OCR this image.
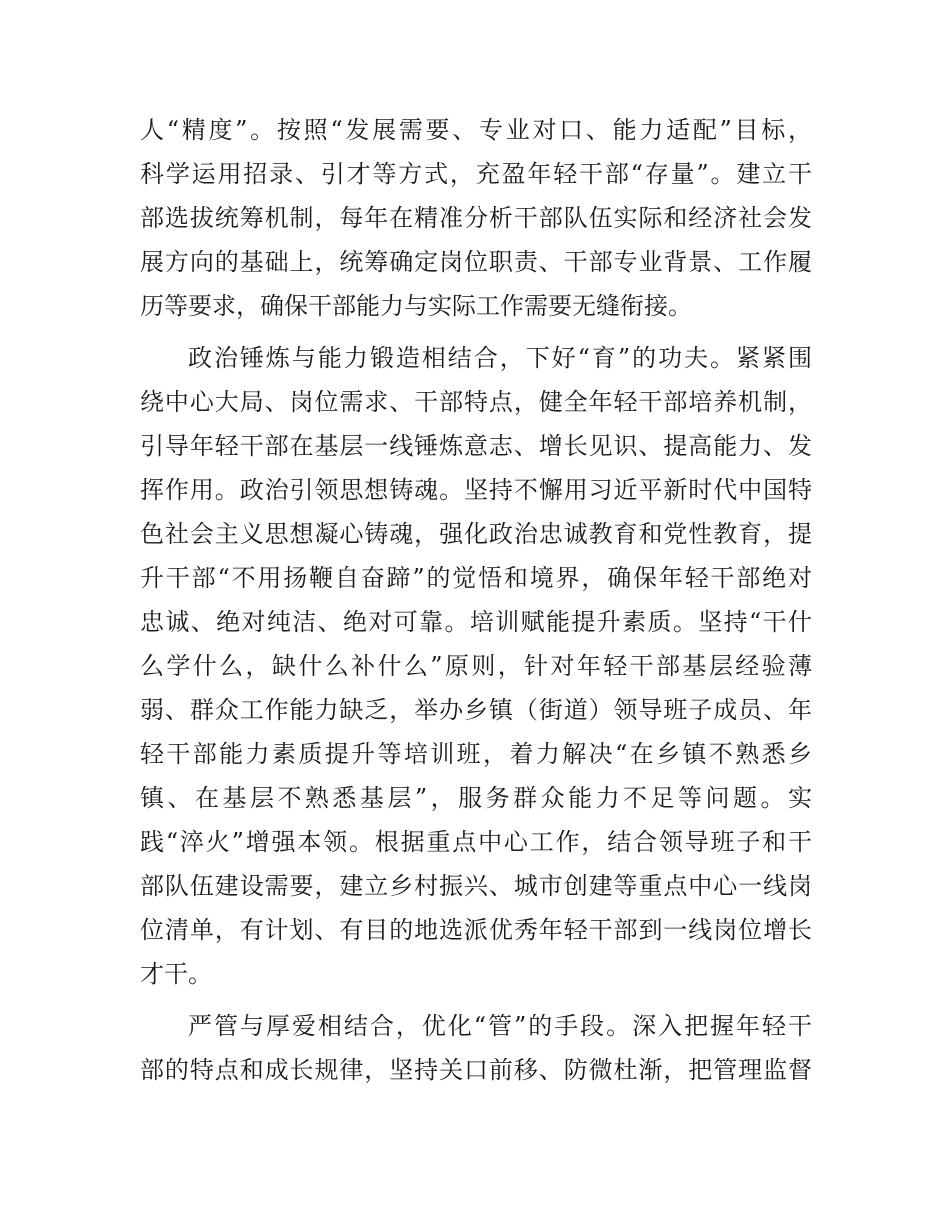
人“精度”。按照“发展需要、专业对口、能力适配”目标，
科学运用招录、引才等方式，充盈年轻干部“存量”。建立干
部选拔统筹机制，每年在精准分析干部队伍实际和经济社会发
展方向的基础上，统筹确定岗位职责、干部专业背景、工作履
历等要求，确保干部能力与实际工作需要无缝衔接。
政治锤炼与能力锻造相结合，下好“育”的功夫。紧紧围
绕中心大局、岗位需求、干部特点，健全年轻干部培养机制，
引导年轻干部在基层一线锤炼意志、增长见识、提高能力、发
挥作用。政治引领思想铸魂。坚持不懈用习近平新时代中国特
色社会主义思想凝心铸魂，强化政治忠诚教育和党性教育，提
升干部“不用扬鞭自奋蹄”的觉悟和境界，确保年轻干部绝对
忠诚、绝对纯洁、绝对可靠。培训赋能提升素质。坚持“干什
么学什么，缺什么补什么”原则，针对年轻干部基层经验薄
弱、群众工作能力缺乏，举办乡镇（街道）领导班子成员、年
轻干部能力素质提升等培训班，着力解决“在乡镇不熟悉乡
镇、在基层不熟悉基层”，服务群众能力不足等问题。实
践“淬火”增强本领。根据重点中心工作，结合领导班子和干
部队伍建设需要，建立乡村振兴、城市创建等重点中心一线岗
位清单，有计划、有目的地选派优秀年轻干部到一线岗位增长
才干。
严管与厚爱相结合，优化“管”的手段。深入把握年轻干
部的特点和成长规律，坚持关口前移、防微杜渐，把管理监督
